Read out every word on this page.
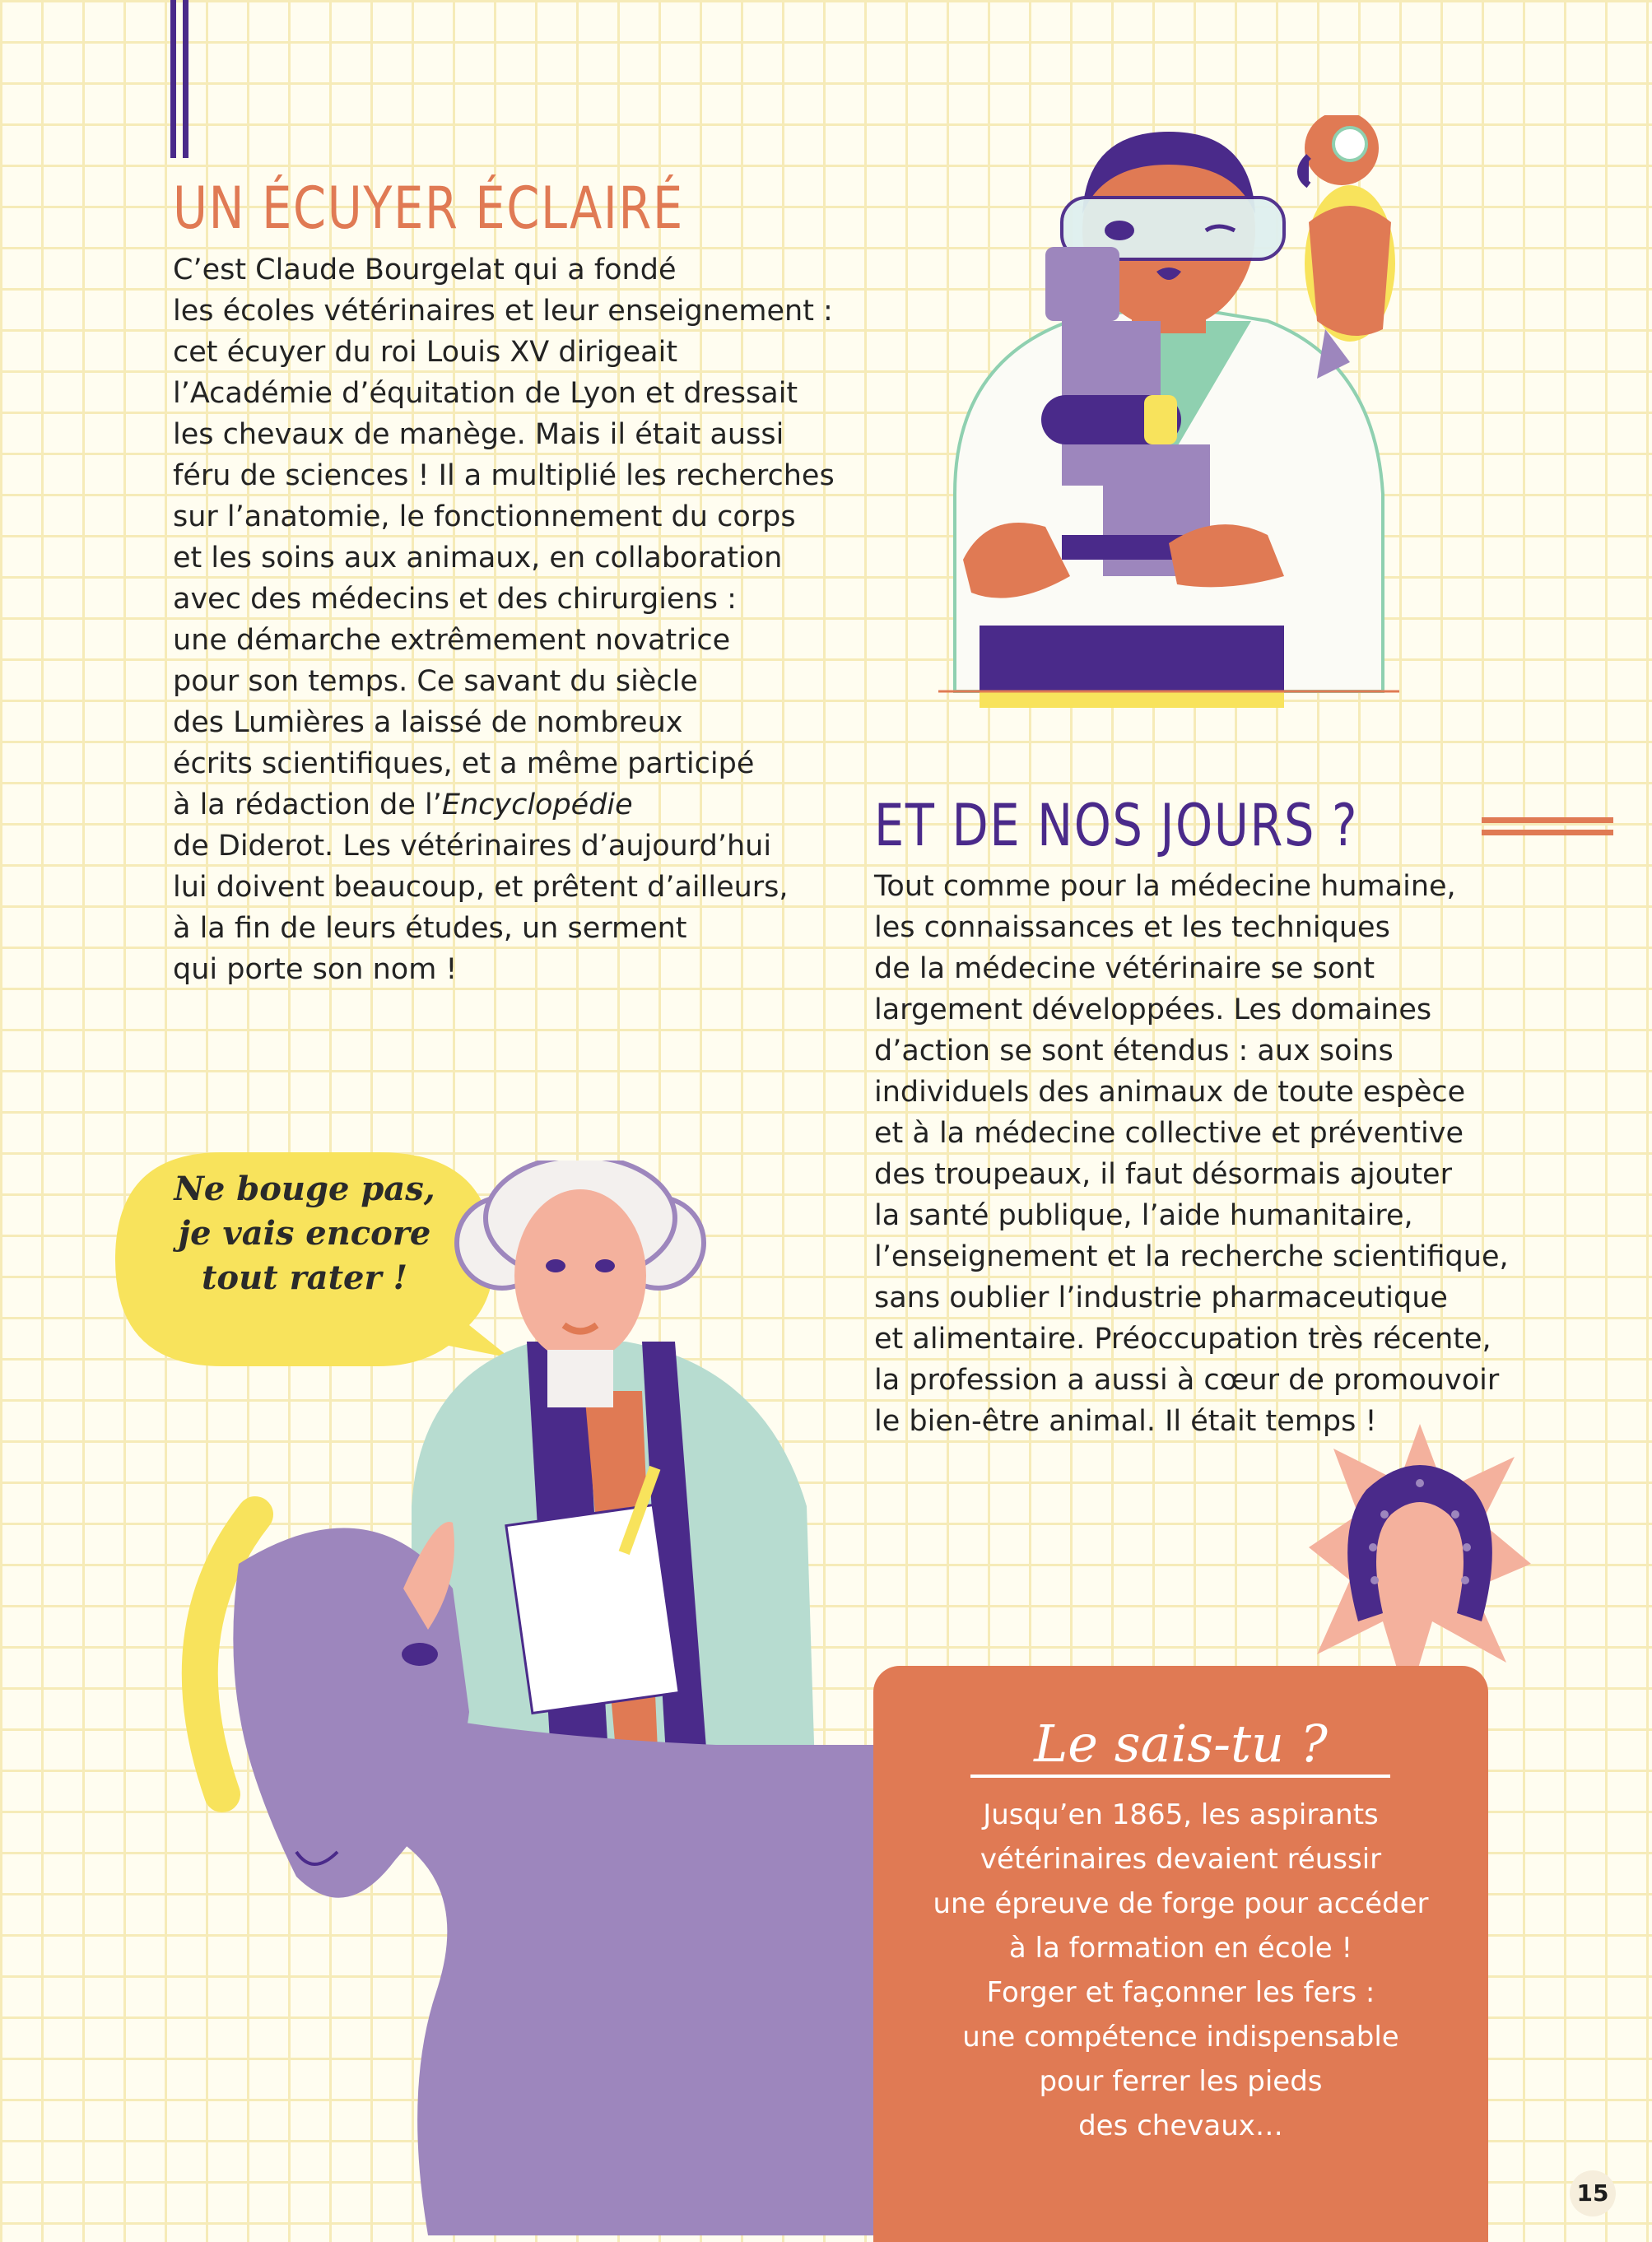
UN ÉCUYER ÉCLAIRÉ
C’est Claude Bourgelat qui a fondé
les écoles vétérinaires et leur enseignement :
cet écuyer du roi Louis XV dirigeait
l’Académie d’équitation de Lyon et dressait
les chevaux de manège. Mais il était aussi
féru de sciences ! Il a multiplié les recherches
sur l’anatomie, le fonctionnement du corps
et les soins aux animaux, en collaboration
avec des médecins et des chirurgiens :
une démarche extrêmement novatrice
pour son temps. Ce savant du siècle
des Lumières a laissé de nombreux
écrits scientifiques, et a même participé
à la rédaction de l’Encyclopédie
de Diderot. Les vétérinaires d’aujourd’hui
lui doivent beaucoup, et prêtent d’ailleurs,
à la fin de leurs études, un serment
qui porte son nom !
ET DE NOS JOURS ?
Tout comme pour la médecine humaine,
les connaissances et les techniques
de la médecine vétérinaire se sont
largement développées. Les domaines
d’action se sont étendus : aux soins
individuels des animaux de toute espèce
et à la médecine collective et préventive
des troupeaux, il faut désormais ajouter
la santé publique, l’aide humanitaire,
l’enseignement et la recherche scientifique,
sans oublier l’industrie pharmaceutique
et alimentaire. Préoccupation très récente,
la profession a aussi à cœur de promouvoir
le bien-être animal. Il était temps !
Ne bouge pas,
je vais encore
tout rater !
Le sais-tu ?
Jusqu’en 1865, les aspirants
vétérinaires devaient réussir
une épreuve de forge pour accéder
à la formation en école !
Forger et façonner les fers :
une compétence indispensable
pour ferrer les pieds
des chevaux…
15
